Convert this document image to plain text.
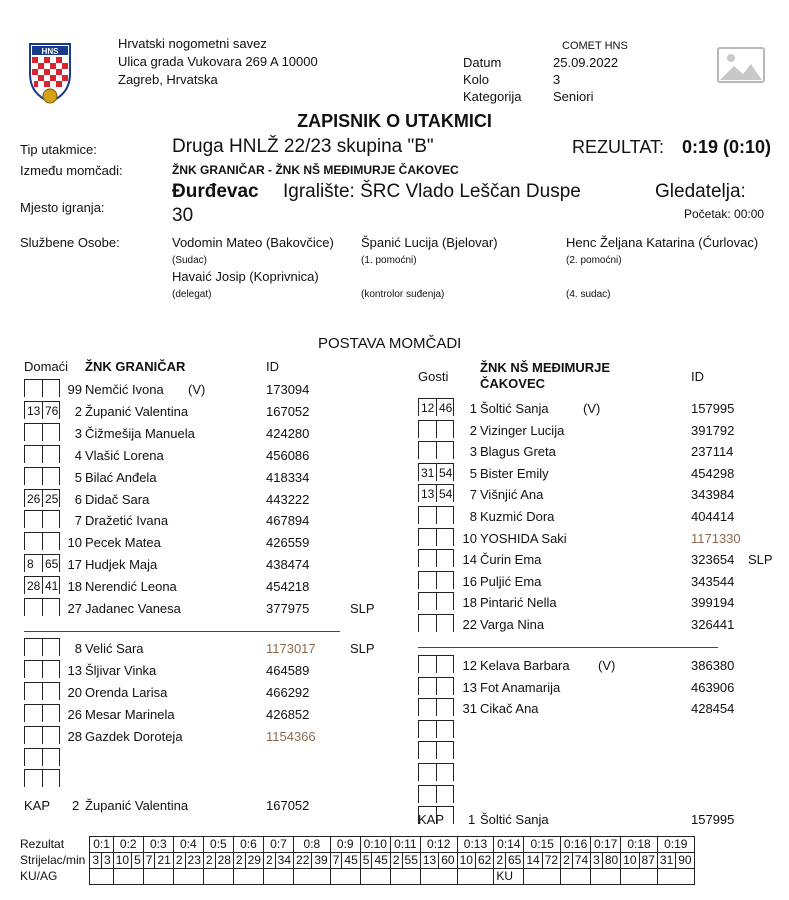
HNS
Hrvatski nogometni savez
Ulica grada Vukovara 269 A 10000
Zagreb, Hrvatska
COMET HNS
Datum	25.09.2022
Kolo	3
Kategorija Seniori
ZAPISNIK O UTAKMICI
Tip utakmice:	Druga HNLŽ 22/23 skupina "B"	REZULTAT: 0:19 (0:10)
Između momčadi:	ŽNK GRANIČAR - ŽNK NŠ MEĐIMURJE ČAKOVEC
Mjesto igranja:
Đurđevac Igralište: ŠRC Vlado Leščan Duspe	Gledatelja:
30	Početak: 00:00
Službene Osobe:	Vodomin Mateo (Bakovčice)
(Sudac)
Španić Lucija (Bjelovar)
(1. pomoćni)
Henc Željana Katarina (Ćurlovac)
(2. pomoćni)
Havaić Josip (Koprivnica)
(delegat)	(kontrolor suđenja)	(4. sudac)
POSTAVA MOMČADI
Domaći ŽNK GRANIČAR	ID
Gosti
ŽNK NŠ MEĐIMURJE
ČAKOVEC	ID
99 Nemčić Ivona (V)	173094
13 76	2 Županić Valentina	167052
3 Čižmešija Manuela	424280
4 Vlašić Lorena	456086
5 Bilać Anđela	418334
26 25	6 Didač Sara	443222
7 Dražetić Ivana	467894
10 Pecek Matea	426559
8 65 17 Hudjek Maja	438474
28 41 18 Nerendić Leona	454218
27 Jadanec Vanesa	377975	SLP
8 Velić Sara	1173017	SLP
13 Šljivar Vinka	464589
20 Orenda Larisa	466292
26 Mesar Marinela	426852
28 Gazdek Doroteja	1154366
12 46	1 Šoltić Sanja	(V)	157995
2 Vizinger Lucija	391792
3 Blagus Greta	237114
31 54	5 Bister Emily	454298
13 54	7 Višnjić Ana	343984
8 Kuzmić Dora	404414
10 YOSHIDA Saki	1171330
14 Čurin Ema	323654 SLP
16 Puljić Ema	343544
18 Pintarić Nella	399194
22 Varga Nina	326441
12 Kelava Barbara (V)	386380
13 Fot Anamarija	463906
31 Cikač Ana	428454
KAP 2 Županić Valentina	167052
KAP 1 Šoltić Sanja	157995
Rezultat	0:1		0:2		0:3		0:4		0:5		0:6		0:7		0:8		0:9		0:10		0:11		0:12		0:13		0:14		0:15		0:16		0:17		0:18		0:19	
Strijelac/min	3	3	10	5	7	21	2	23	2	28	2	29	2	34	22	39	7	45	5	45	2	55	13	60	10	62	2	65	14	72	2	74	3	80	10	87	31	90
KU/AG																											KU											
